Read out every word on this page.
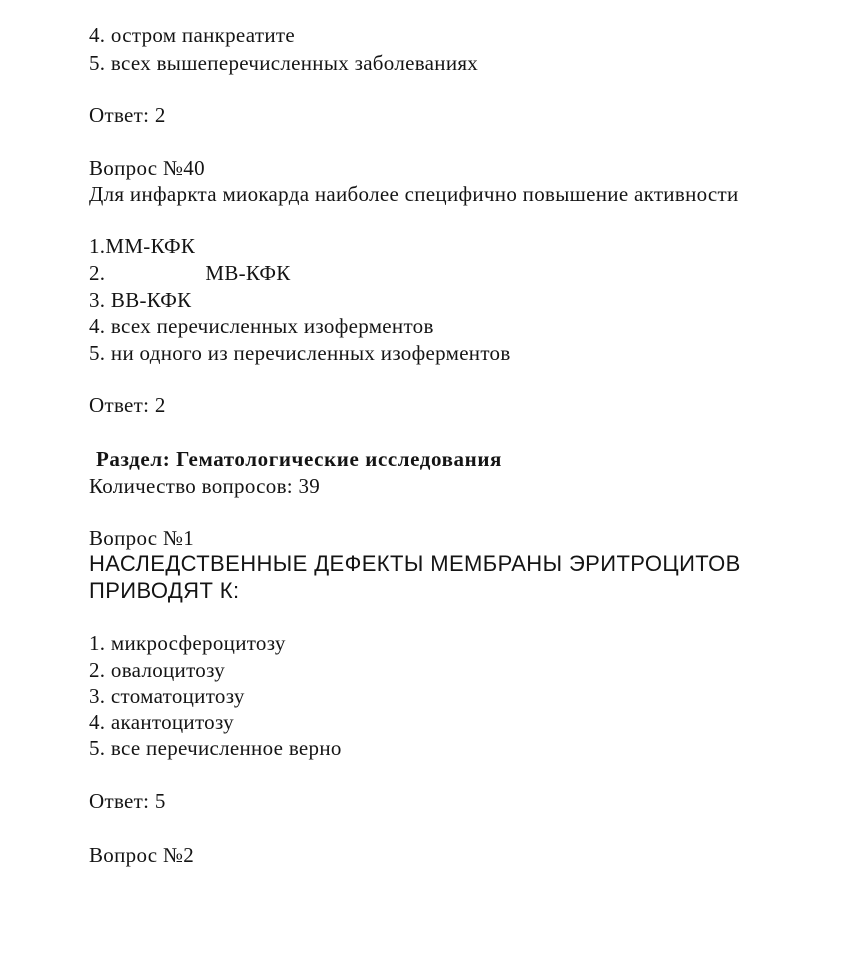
4. остром панкреатите
5. всех вышеперечисленных заболеваниях
Ответ: 2
Вопрос №40
Для инфаркта миокарда наиболее специфично повышение активности
1.ММ-КФК
2.	МВ-КФК
3. ВВ-КФК
4. всех перечисленных изоферментов
5. ни одного из перечисленных изоферментов
Ответ: 2
Раздел: Гематологические исследования
Количество вопросов: 39
Вопрос №1
НАСЛЕДСТВЕННЫЕ ДЕФЕКТЫ МЕМБРАНЫ ЭРИТРОЦИТОВ
ПРИВОДЯТ К:
1. микросфероцитозу
2. овалоцитозу
3. стоматоцитозу
4. акантоцитозу
5. все перечисленное верно
Ответ: 5
Вопрос №2
